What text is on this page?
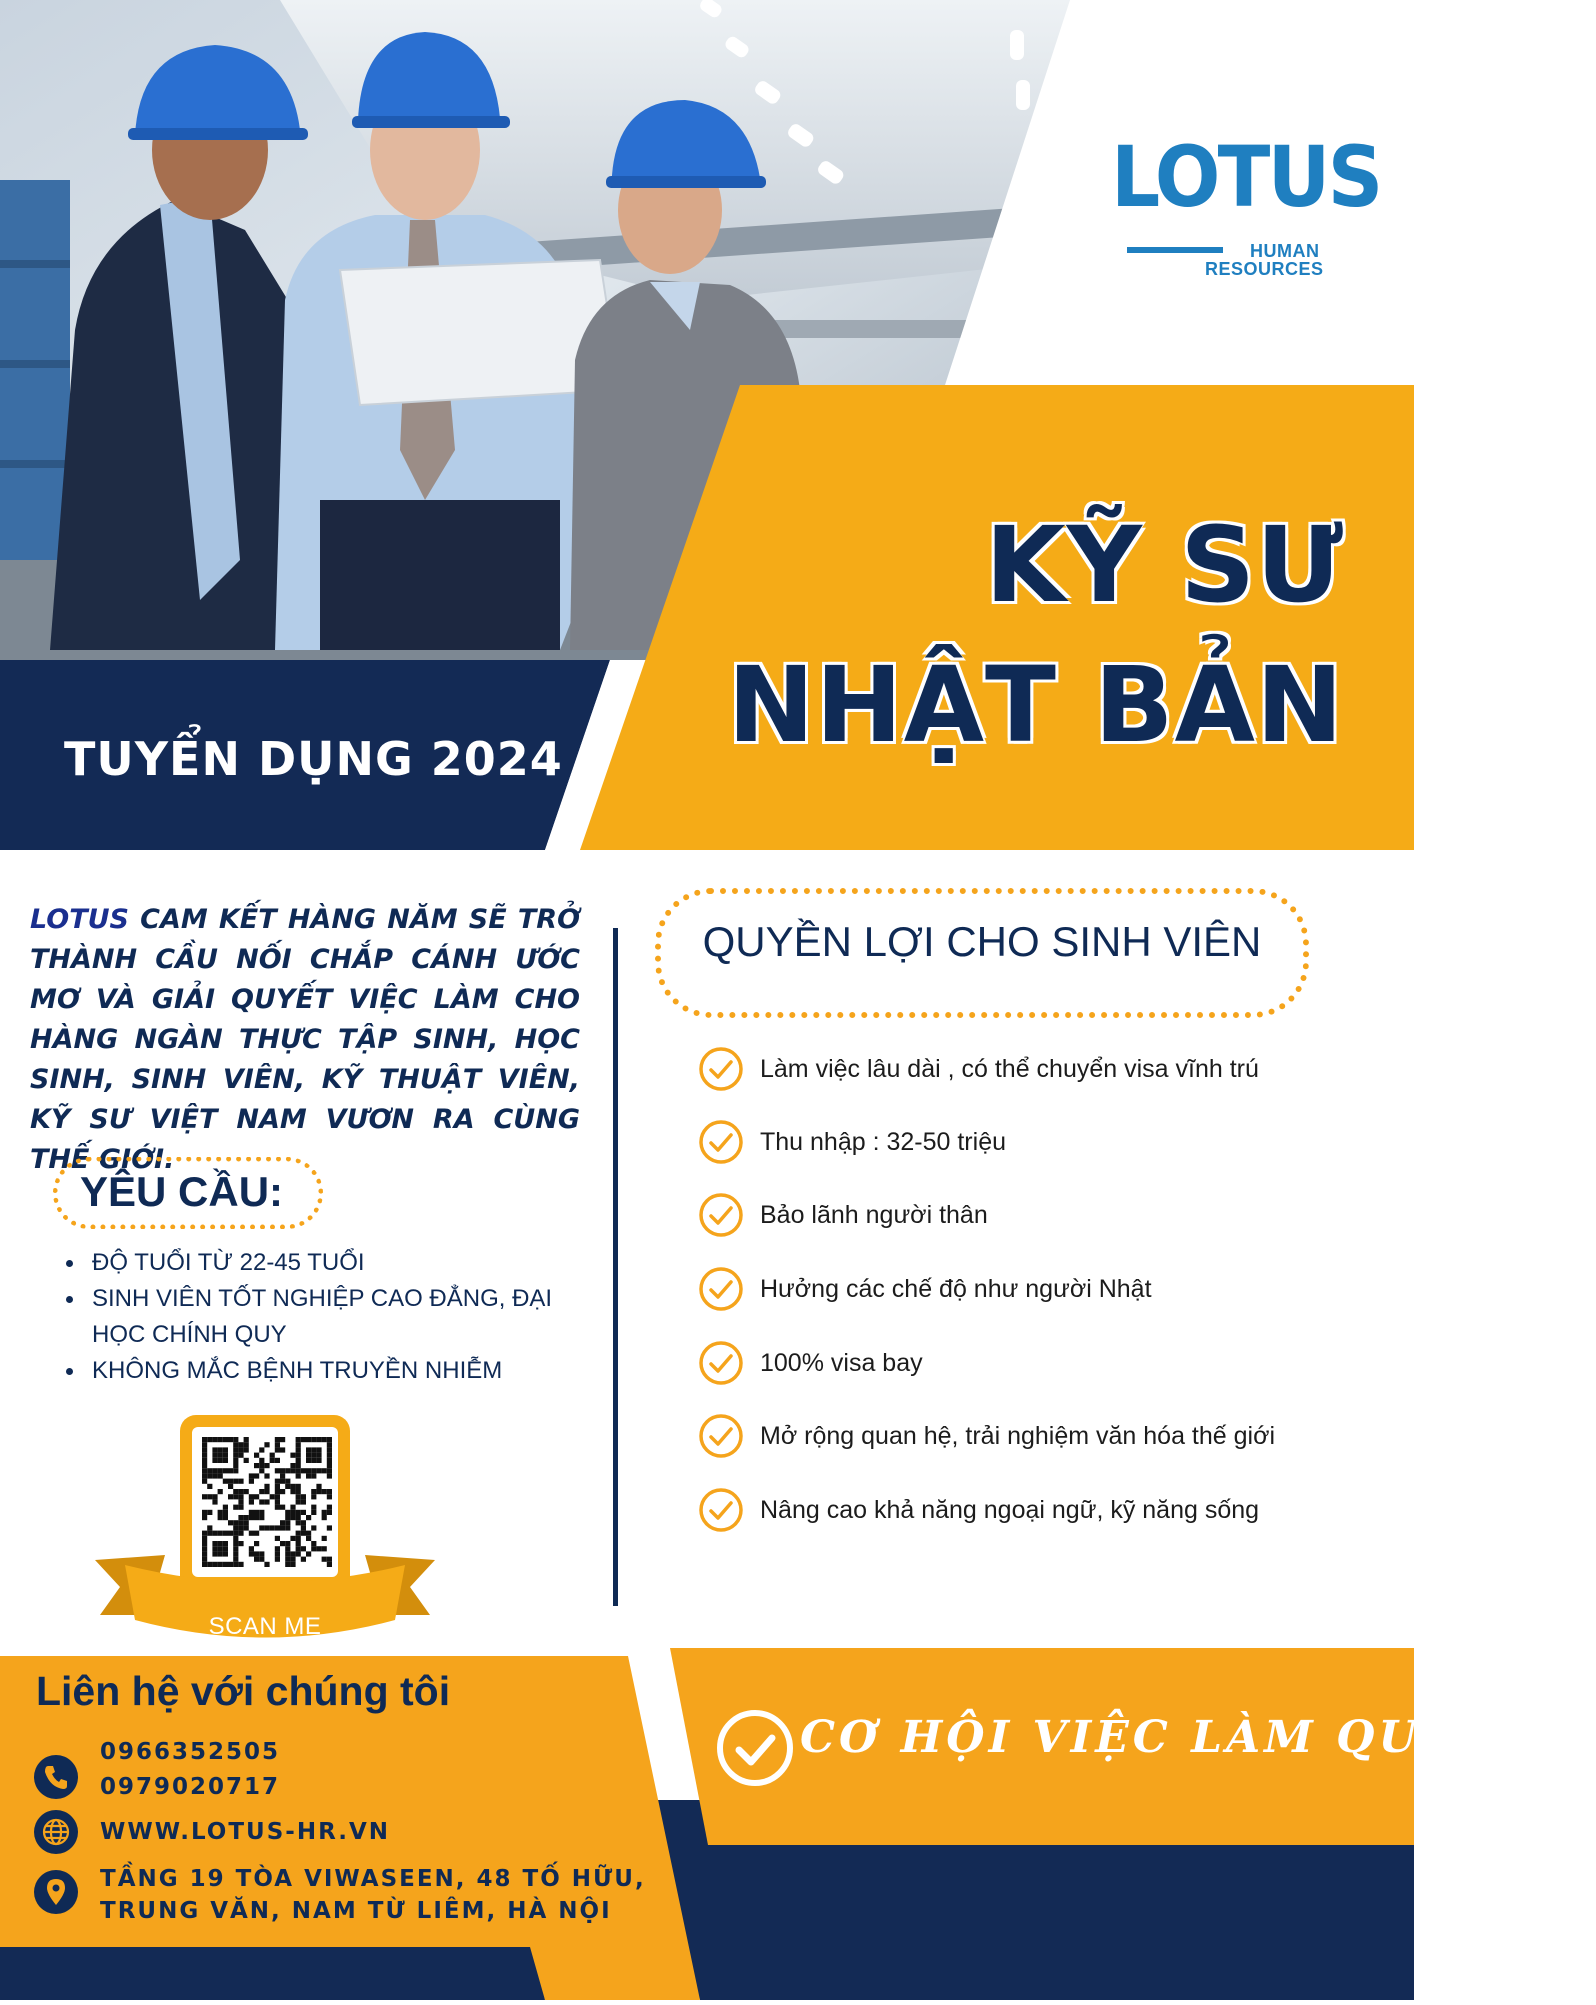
LOTUS
HUMAN
RESOURCES
KỸ SƯ
NHẬT BẢN
TUYỂN DỤNG 2024
LOTUS CAM KẾT HÀNG NĂM SẼ TRỞ THÀNH CẦU NỐI CHẮP CÁNH ƯỚC MƠ VÀ GIẢI QUYẾT VIỆC LÀM CHO HÀNG NGÀN THỰC TẬP SINH, HỌC SINH, SINH VIÊN, KỸ THUẬT VIÊN, KỸ SƯ VIỆT NAM VƯƠN RA CÙNG THẾ GIỚI.
YÊU CẦU:
ĐỘ TUỔI TỪ 22-45 TUỔI
SINH VIÊN TỐT NGHIỆP CAO ĐẲNG, ĐẠI HỌC CHÍNH QUY
KHÔNG MẮC BỆNH TRUYỀN NHIỄM
SCAN ME
QUYỀN LỢI CHO SINH VIÊN
Làm việc lâu dài , có thể chuyển visa vĩnh trú
Thu nhập : 32-50 triệu
Bảo lãnh người thân
Hưởng các chế độ như người Nhật
100% visa bay
Mở rộng quan hệ, trải nghiệm văn hóa thế giới
Nâng cao khả năng ngoại ngữ, kỹ năng sống
Liên hệ với chúng tôi
0966352505
0979020717
WWW.LOTUS-HR.VN
TẦNG 19 TÒA VIWASEEN, 48 TỐ HỮU,
TRUNG VĂN, NAM TỪ LIÊM, HÀ NỘI
CƠ HỘI VIỆC LÀM QUỐC TẾ
